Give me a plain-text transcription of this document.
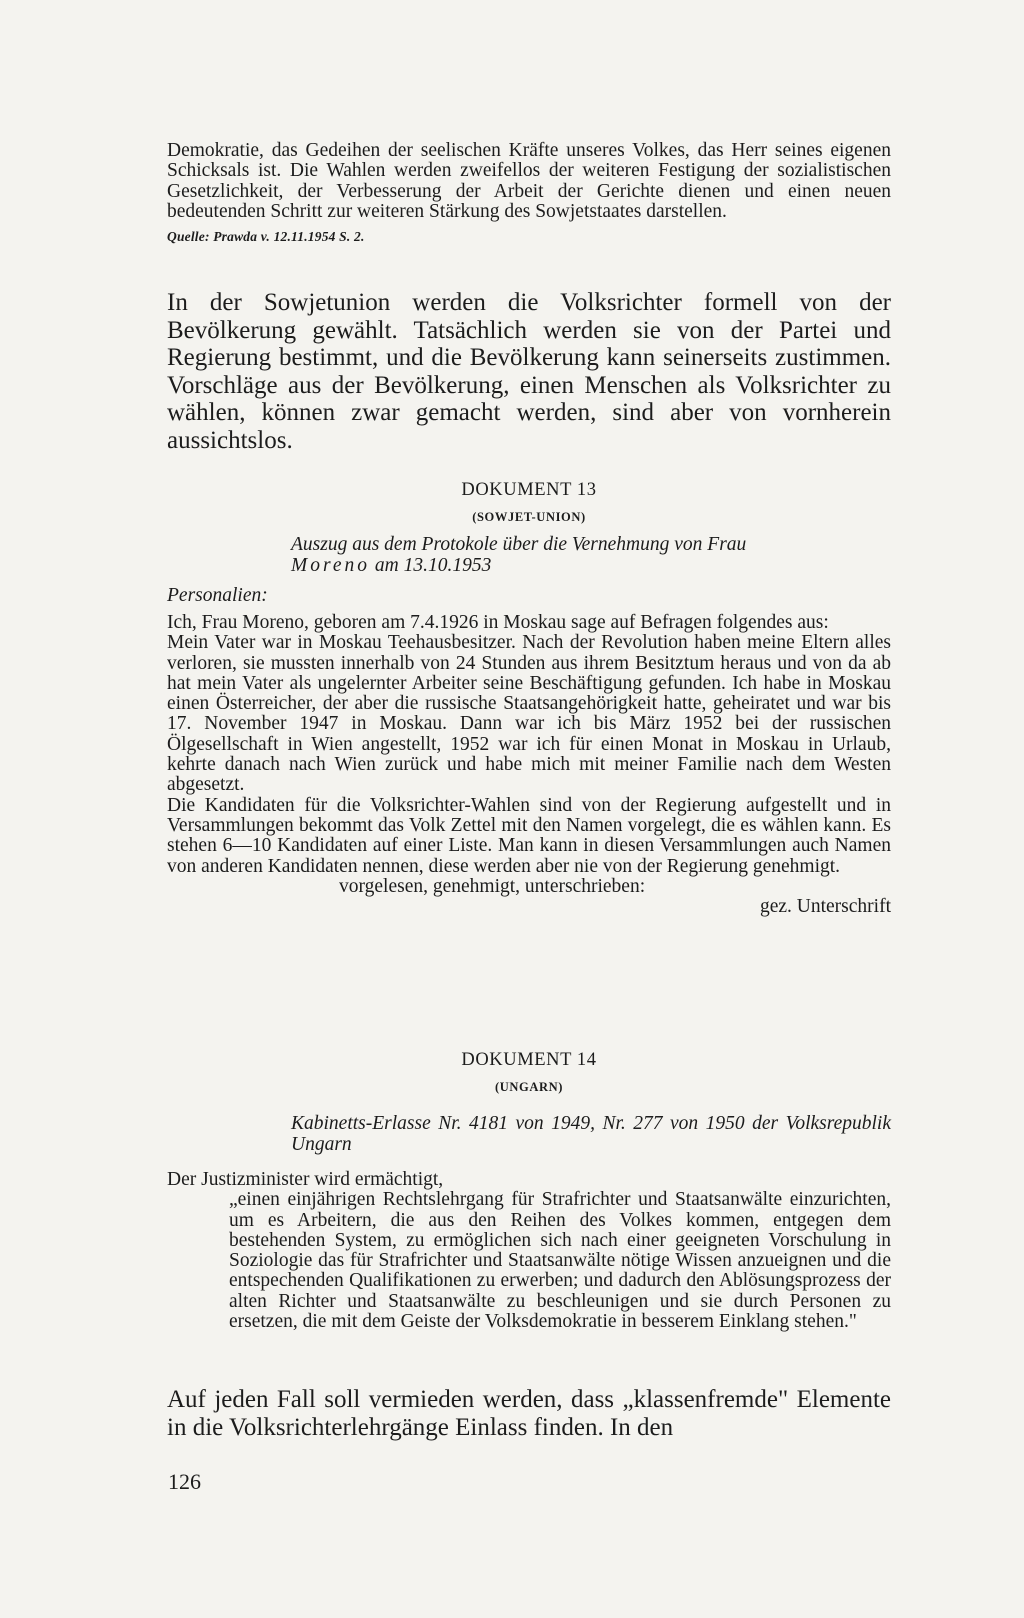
Demokratie, das Gedeihen der seelischen Kräfte unseres Volkes, das Herr seines eigenen Schicksals ist. Die Wahlen werden zweifellos der weiteren Festigung der sozialistischen Gesetzlichkeit, der Verbesserung der Arbeit der Gerichte dienen und einen neuen bedeutenden Schritt zur weiteren Stärkung des Sowjetstaates darstellen.

Quelle: Prawda v. 12.11.1954 S. 2.

In der Sowjetunion werden die Volksrichter formell von der Bevölkerung gewählt. Tatsächlich werden sie von der Partei und Regierung bestimmt, und die Bevölkerung kann seinerseits zustimmen. Vorschläge aus der Bevölkerung, einen Menschen als Volksrichter zu wählen, können zwar gemacht werden, sind aber von vornherein aussichtslos.

DOKUMENT 13

(SOWJET-UNION)

Auszug aus dem Protokole über die Vernehmung von Frau
Moreno am 13.10.1953

Personalien:

Ich, Frau Moreno, geboren am 7.4.1926 in Moskau sage auf Befragen folgendes aus:

Mein Vater war in Moskau Teehausbesitzer. Nach der Revolution haben meine Eltern alles verloren, sie mussten innerhalb von 24 Stunden aus ihrem Besitztum heraus und von da ab hat mein Vater als ungelernter Arbeiter seine Beschäftigung gefunden. Ich habe in Moskau einen Österreicher, der aber die russische Staatsangehörigkeit hatte, geheiratet und war bis 17. November 1947 in Moskau. Dann war ich bis März 1952 bei der russischen Ölgesellschaft in Wien angestellt, 1952 war ich für einen Monat in Moskau in Urlaub, kehrte danach nach Wien zurück und habe mich mit meiner Familie nach dem Westen abgesetzt.

Die Kandidaten für die Volksrichter-Wahlen sind von der Regierung aufgestellt und in Versammlungen bekommt das Volk Zettel mit den Namen vorgelegt, die es wählen kann. Es stehen 6—10 Kandidaten auf einer Liste. Man kann in diesen Versammlungen auch Namen von anderen Kandidaten nennen, diese werden aber nie von der Regierung genehmigt.

vorgelesen, genehmigt, unterschrieben:

gez. Unterschrift

DOKUMENT 14

(UNGARN)

Kabinetts-Erlasse Nr. 4181 von 1949, Nr. 277 von 1950 der Volksrepublik Ungarn

Der Justizminister wird ermächtigt,

„einen einjährigen Rechtslehrgang für Strafrichter und Staatsanwälte einzurichten, um es Arbeitern, die aus den Reihen des Volkes kommen, entgegen dem bestehenden System, zu ermöglichen sich nach einer geeigneten Vorschulung in Soziologie das für Strafrichter und Staatsanwälte nötige Wissen anzueignen und die entspechenden Qualifikationen zu erwerben; und dadurch den Ablösungsprozess der alten Richter und Staatsanwälte zu beschleunigen und sie durch Personen zu ersetzen, die mit dem Geiste der Volksdemokratie in besserem Einklang stehen."

Auf jeden Fall soll vermieden werden, dass „klassenfremde" Elemente in die Volksrichterlehrgänge Einlass finden. In den

126
